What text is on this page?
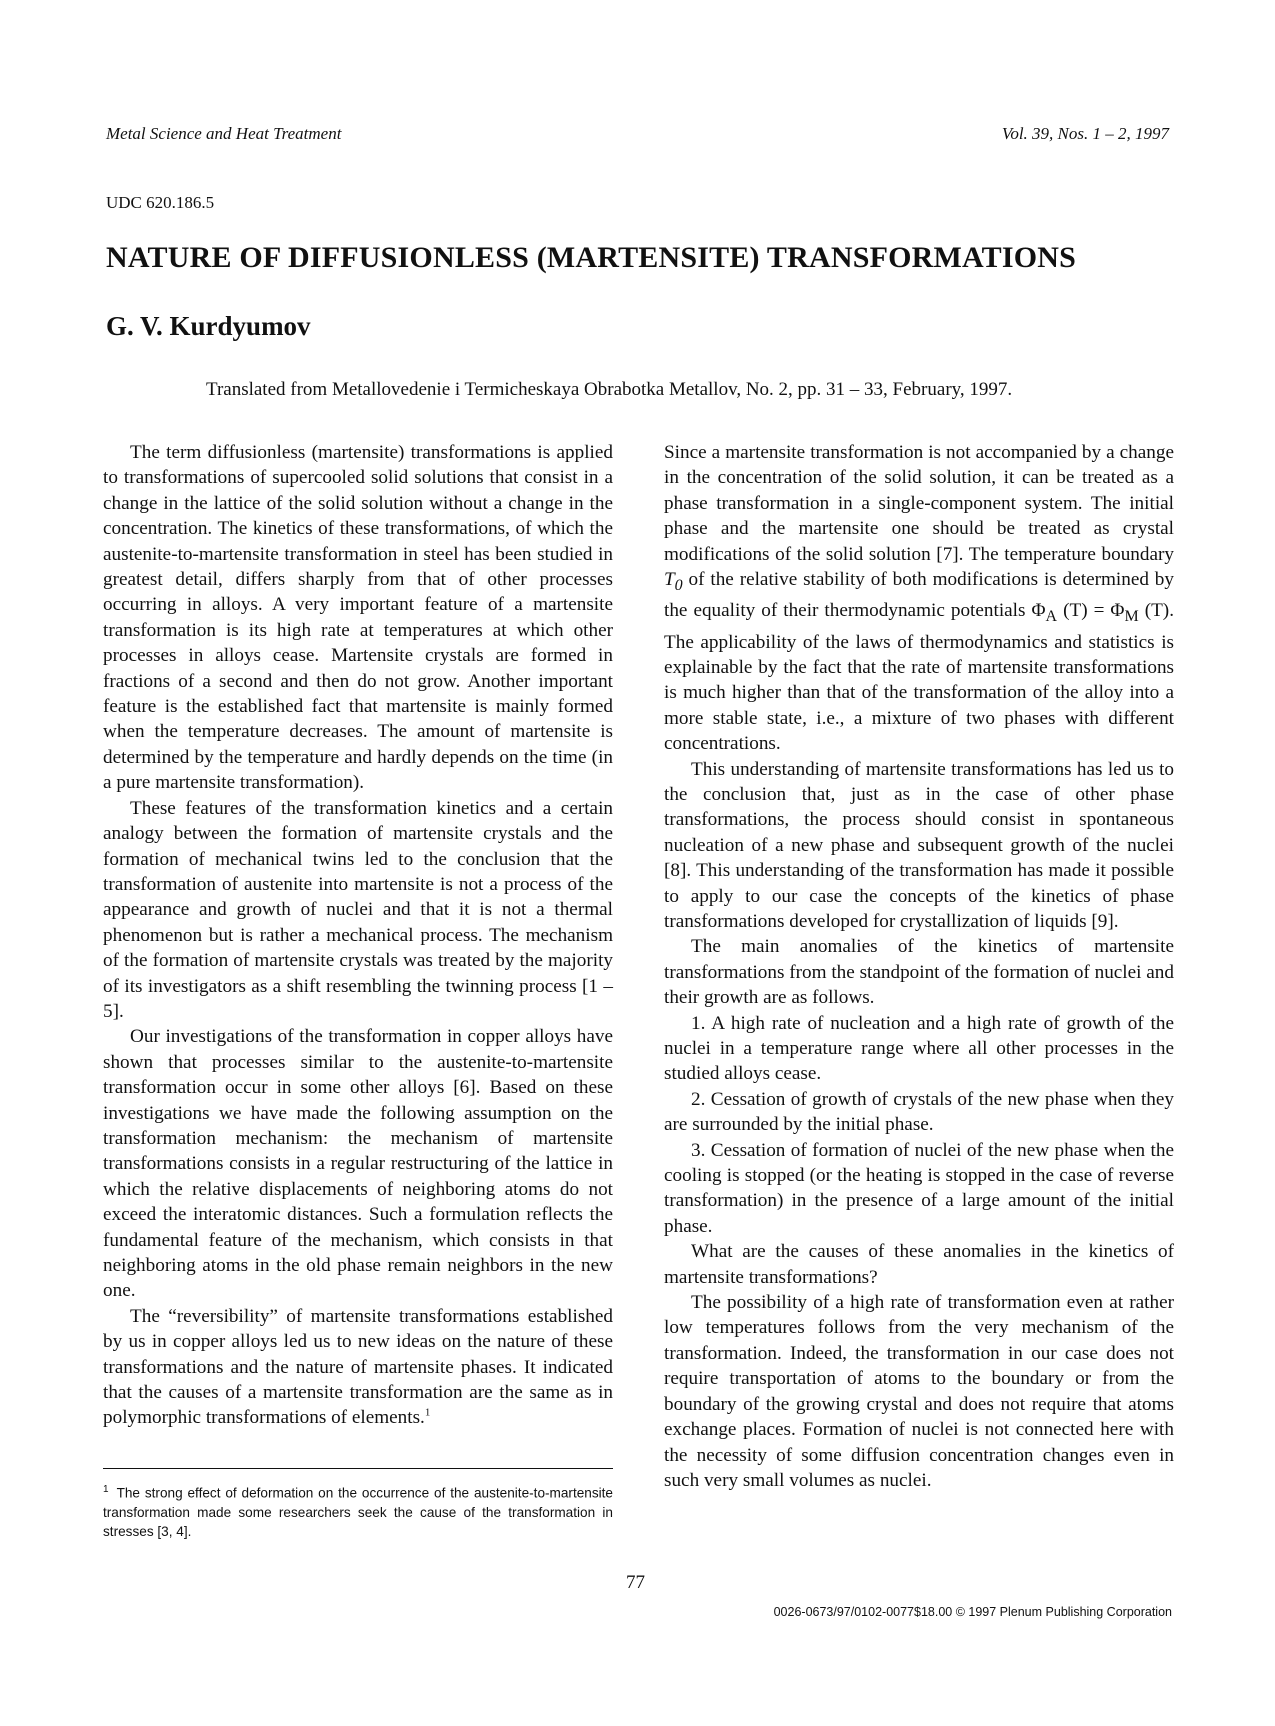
Metal Science and Heat Treatment	Vol. 39, Nos. 1 – 2, 1997
UDC 620.186.5
NATURE OF DIFFUSIONLESS (MARTENSITE) TRANSFORMATIONS
G. V. Kurdyumov
Translated from Metallovedenie i Termicheskaya Obrabotka Metallov, No. 2, pp. 31 – 33, February, 1997.

The term diffusionless (martensite) transformations is applied to transformations of supercooled solid solutions that consist in a change in the lattice of the solid solution without a change in the concentration. The kinetics of these transformations, of which the austenite-to-martensite transformation in steel has been studied in greatest detail, differs sharply from that of other processes occurring in alloys. A very important feature of a martensite transformation is its high rate at temperatures at which other processes in alloys cease. Martensite crystals are formed in fractions of a second and then do not grow. Another important feature is the established fact that martensite is mainly formed when the temperature decreases. The amount of martensite is determined by the temperature and hardly depends on the time (in a pure martensite transformation).

These features of the transformation kinetics and a certain analogy between the formation of martensite crystals and the formation of mechanical twins led to the conclusion that the transformation of austenite into martensite is not a process of the appearance and growth of nuclei and that it is not a thermal phenomenon but is rather a mechanical process. The mechanism of the formation of martensite crystals was treated by the majority of its investigators as a shift resembling the twinning process [1 – 5].

Our investigations of the transformation in copper alloys have shown that processes similar to the austenite-to-martensite transformation occur in some other alloys [6]. Based on these investigations we have made the following assumption on the transformation mechanism: the mechanism of martensite transformations consists in a regular restructuring of the lattice in which the relative displacements of neighboring atoms do not exceed the interatomic distances. Such a formulation reflects the fundamental feature of the mechanism, which consists in that neighboring atoms in the old phase remain neighbors in the new one.

The “reversibility” of martensite transformations established by us in copper alloys led us to new ideas on the nature of these transformations and the nature of martensite phases. It indicated that the causes of a martensite transformation are the same as in polymorphic transformations of elements.$^1$

$^1$ The strong effect of deformation on the occurrence of the austenite-to-martensite transformation made some researchers seek the cause of the transformation in stresses [3, 4].

Since a martensite transformation is not accompanied by a change in the concentration of the solid solution, it can be treated as a phase transformation in a single-component system. The initial phase and the martensite one should be treated as crystal modifications of the solid solution [7]. The temperature boundary $T_0$ of the relative stability of both modifications is determined by the equality of their thermodynamic potentials $\Phi_A$ $(T) = \Phi_M$ (T). The applicability of the laws of thermodynamics and statistics is explainable by the fact that the rate of martensite transformations is much higher than that of the transformation of the alloy into a more stable state, i.e., a mixture of two phases with different concentrations.

This understanding of martensite transformations has led us to the conclusion that, just as in the case of other phase transformations, the process should consist in spontaneous nucleation of a new phase and subsequent growth of the nuclei [8]. This understanding of the transformation has made it possible to apply to our case the concepts of the kinetics of phase transformations developed for crystallization of liquids [9].

The main anomalies of the kinetics of martensite transformations from the standpoint of the formation of nuclei and their growth are as follows.

1. A high rate of nucleation and a high rate of growth of the nuclei in a temperature range where all other processes in the studied alloys cease.

2. Cessation of growth of crystals of the new phase when they are surrounded by the initial phase.

3. Cessation of formation of nuclei of the new phase when the cooling is stopped (or the heating is stopped in the case of reverse transformation) in the presence of a large amount of the initial phase.

What are the causes of these anomalies in the kinetics of martensite transformations?

The possibility of a high rate of transformation even at rather low temperatures follows from the very mechanism of the transformation. Indeed, the transformation in our case does not require transportation of atoms to the boundary or from the boundary of the growing crystal and does not require that atoms exchange places. Formation of nuclei is not connected here with the necessity of some diffusion concentration changes even in such very small volumes as nuclei.

77
0026-0673/97/0102-0077$18.00 © 1997 Plenum Publishing Corporation
